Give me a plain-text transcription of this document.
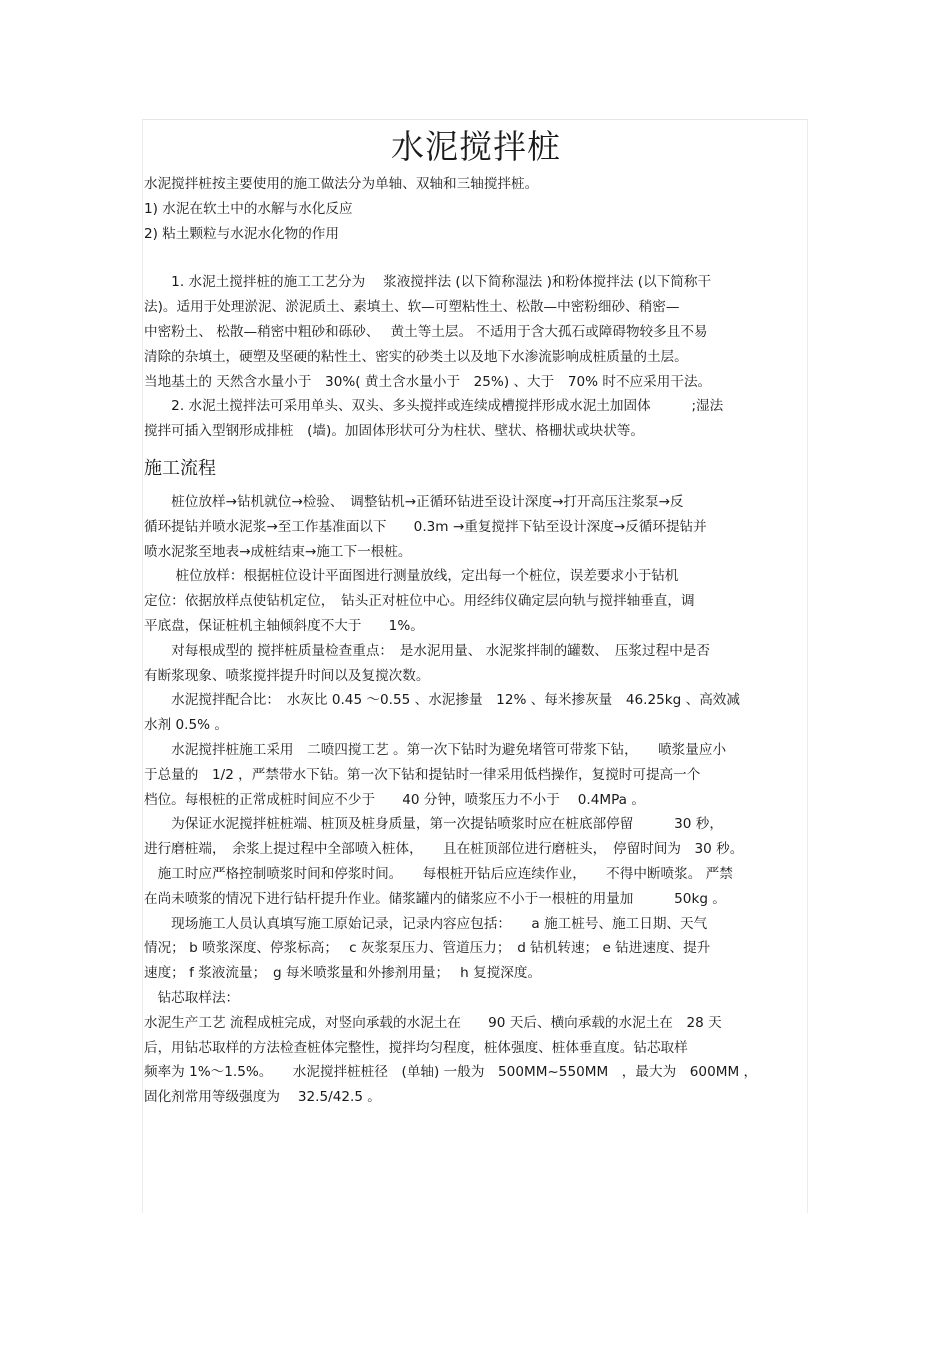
水泥搅拌桩

水泥搅拌桩按主要使用的施工做法分为单轴、双轴和三轴搅拌桩。

1) 水泥在软土中的水解与水化反应

2) 粘土颗粒与水泥水化物的作用

　　1. 水泥土搅拌桩的施工工艺分为　 浆液搅拌法 (以下简称湿法 )和粉体搅拌法 (以下简称干

法)。适用于处理淤泥、淤泥质土、素填土、软—可塑粘性土、松散—中密粉细砂、稍密—

中密粉土、 松散—稍密中粗砂和砾砂、　 黄土等土层。 不适用于含大孤石或障碍物较多且不易

清除的杂填土，硬塑及坚硬的粘性土、密实的砂类土以及地下水渗流影响成桩质量的土层。

当地基土的 天然含水量小于　30%( 黄土含水量小于　25%) 、大于　70% 时不应采用干法。

　　2. 水泥土搅拌法可采用单头、双头、多头搅拌或连续成槽搅拌形成水泥土加固体　　　;湿法

搅拌可插入型钢形成排桩　(墙)。加固体形状可分为柱状、壁状、格栅状或块状等。

施工流程

　　桩位放样→钻机就位→检验、　调整钻机→正循环钻进至设计深度→打开高压注浆泵→反

循环提钻并喷水泥浆→至工作基准面以下　　0.3m →重复搅拌下钻至设计深度→反循环提钻并

喷水泥浆至地表→成桩结束→施工下一根桩。

　　 桩位放样：根据桩位设计平面图进行测量放线，定出每一个桩位，误差要求小于钻机

定位：依据放样点使钻机定位，　钻头正对桩位中心。用经纬仪确定层向轨与搅拌轴垂直，调

平底盘，保证桩机主轴倾斜度不大于　　1%。

　　对每根成型的 搅拌桩质量检查重点：　是水泥用量、 水泥浆拌制的罐数、　压浆过程中是否

有断浆现象、喷浆搅拌提升时间以及复搅次数。

　　水泥搅拌配合比：　水灰比 0.45 ～0.55 、水泥掺量　12% 、每米掺灰量　46.25kg 、高效减

水剂 0.5% 。

　　水泥搅拌桩施工采用　二喷四搅工艺 。第一次下钻时为避免堵管可带浆下钻，　　喷浆量应小

于总量的　1/2 ，严禁带水下钻。第一次下钻和提钻时一律采用低档操作，复搅时可提高一个

档位。每根桩的正常成桩时间应不少于　　40 分钟，喷浆压力不小于　 0.4MPa 。

　　为保证水泥搅拌桩桩端、桩顶及桩身质量，第一次提钻喷浆时应在桩底部停留　　　30 秒，

进行磨桩端，　余浆上提过程中全部喷入桩体，　　且在桩顶部位进行磨桩头，　停留时间为　30 秒。

　施工时应严格控制喷浆时间和停浆时间。　　每根桩开钻后应连续作业，　　不得中断喷浆。 严禁

在尚未喷浆的情况下进行钻杆提升作业。储浆罐内的储浆应不小于一根桩的用量加　　　50kg 。

　　现场施工人员认真填写施工原始记录，记录内容应包括：　　a 施工桩号、施工日期、天气

情况； b 喷浆深度、停浆标高；　 c 灰浆泵压力、管道压力；　d 钻机转速； e 钻进速度、提升

速度； f 浆液流量；　g 每米喷浆量和外掺剂用量；　 h 复搅深度。

　钻芯取样法：

水泥生产工艺 流程成桩完成，对竖向承载的水泥土在　　90 天后、横向承载的水泥土在　28 天

后，用钻芯取样的方法检查桩体完整性，搅拌均匀程度，桩体强度、桩体垂直度。钻芯取样

频率为 1%～1.5%。　　水泥搅拌桩桩径　(单轴) 一般为　500MM~550MM　，最大为　600MM ，

固化剂常用等级强度为　 32.5/42.5 。
